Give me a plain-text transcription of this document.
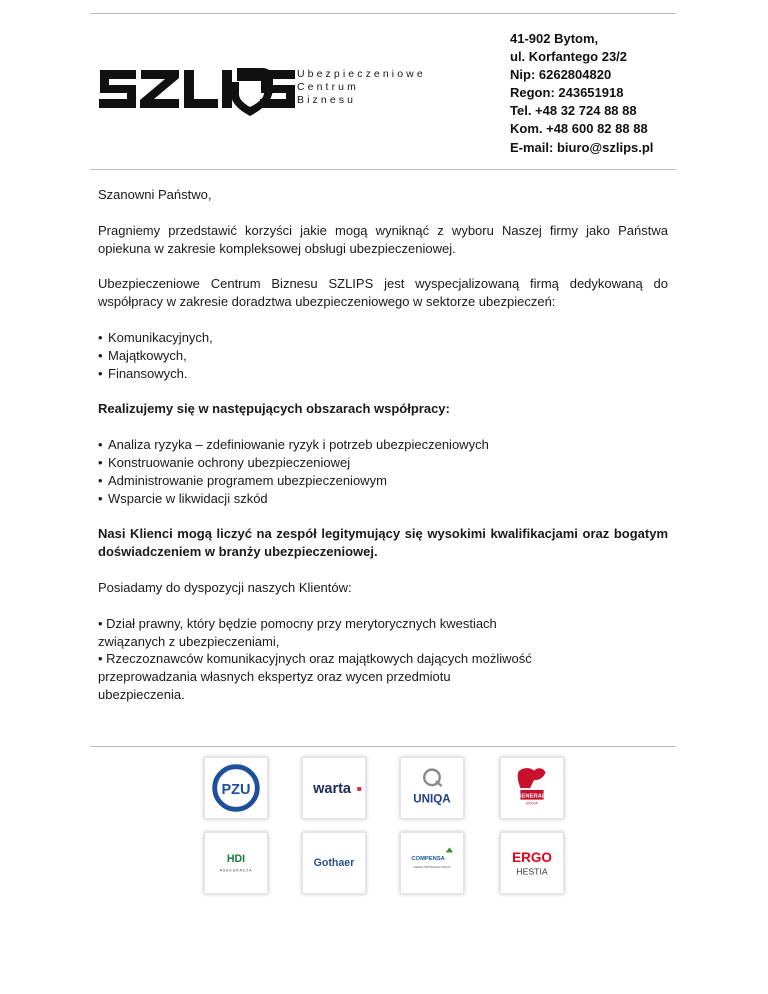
Ubezpieczeniowe
Centrum
Biznesu
41-902 Bytom,
ul. Korfantego 23/2
Nip: 6262804820
Regon: 243651918
Tel. +48 32 724 88 88
Kom. +48 600 82 88 88
E-mail: biuro@szlips.pl

Szanowni Państwo,

Pragniemy przedstawić korzyści jakie mogą wyniknąć z wyboru Naszej firmy jako Państwa opiekuna w zakresie kompleksowej obsługi ubezpieczeniowej.

Ubezpieczeniowe Centrum Biznesu SZLIPS jest wyspecjalizowaną firmą dedykowaną do współpracy w zakresie doradztwa ubezpieczeniowego w sektorze ubezpieczeń:

• Komunikacyjnych,
• Majątkowych,
• Finansowych.

Realizujemy się w następujących obszarach współpracy:

• Analiza ryzyka – zdefiniowanie ryzyk i potrzeb ubezpieczeniowych
• Konstruowanie ochrony ubezpieczeniowej
• Administrowanie programem ubezpieczeniowym
• Wsparcie w likwidacji szkód

Nasi Klienci mogą liczyć na zespół legitymujący się wysokimi kwalifikacjami oraz bogatym doświadczeniem w branży ubezpieczeniowej.

Posiadamy do dyspozycji naszych Klientów:

• Dział prawny, który będzie pomocny przy merytorycznych kwestiach związanych z ubezpieczeniami,

• Rzeczoznawców komunikacyjnych oraz majątkowych dających możliwość przeprowadzania własnych ekspertyz oraz wycen przedmiotu ubezpieczenia.

PZU	warta
UNIQA	GENERALI
GROUP
HDI
ASEKURACJA
Gothaer	COMPENSA
VIENNA INSURANCE GROUP
ERGO
HESTIA
